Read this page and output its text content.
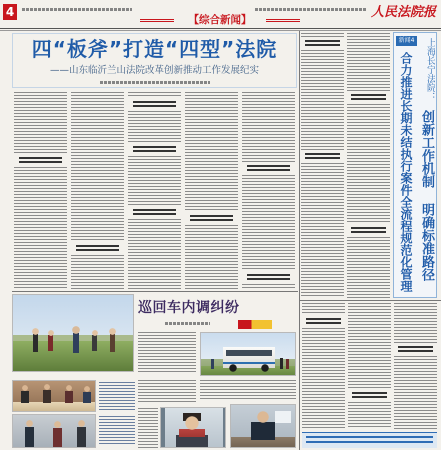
4
【综合新闻】	人民法院报
四“板斧”打造“四型”法院
——山东临沂兰山法院改革创新推动工作发展纪实
新闻4 上海长宁法院：
创新工作机制 明确标准路径
合力推进长期未结执行案件全流程规范化管理
巡回车内调纠纷
